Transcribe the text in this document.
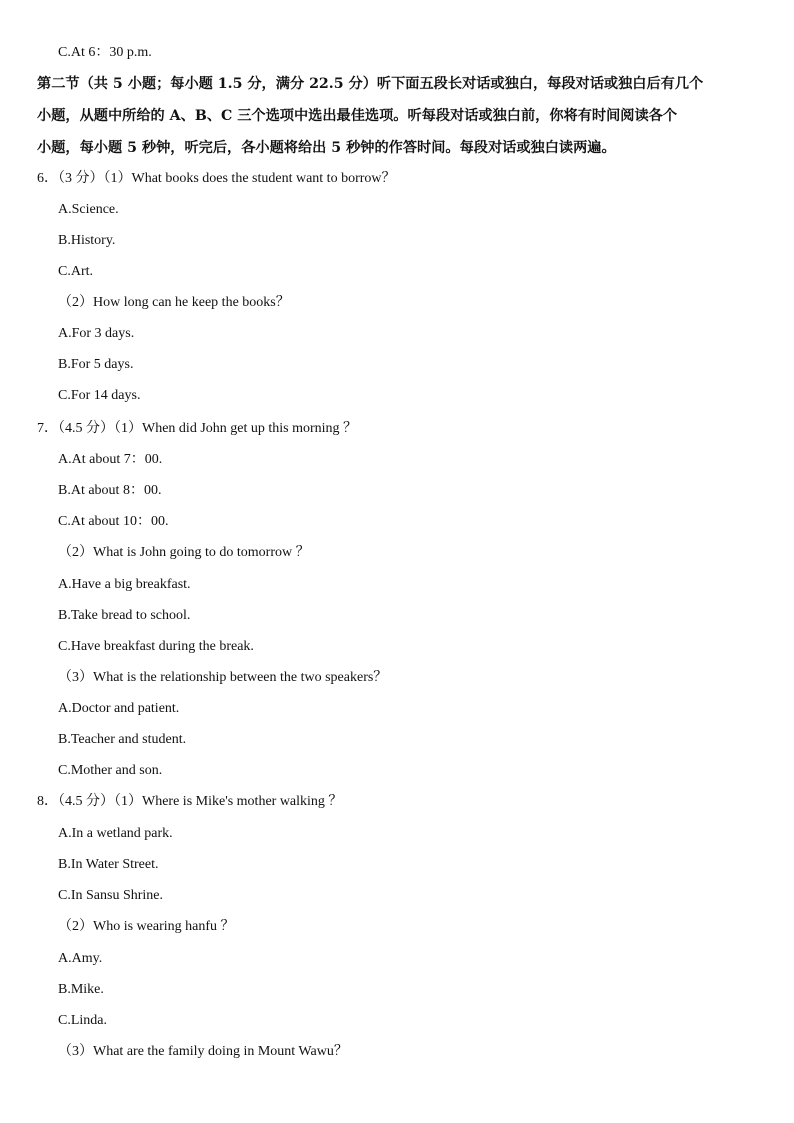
C.At 6：30 p.m.
第二节（共 5 小题；每小题 1.5 分，满分 22.5 分）听下面五段长对话或独白，每段对话或独白后有几个
小题，从题中所给的 A、B、C 三个选项中选出最佳选项。听每段对话或独白前，你将有时间阅读各个
小题，每小题 5 秒钟，听完后，各小题将给出 5 秒钟的作答时间。每段对话或独白读两遍。
6．（3 分）（1）What books does the student want to borrow？
A.Science.
B.History.
C.Art.
（2）How long can he keep the books？
A.For 3 days.
B.For 5 days.
C.For 14 days.
7．（4.5 分）（1）When did John get up this morning ？
A.At about 7：00.
B.At about 8：00.
C.At about 10：00.
（2）What is John going to do tomorrow ？
A.Have a big breakfast.
B.Take bread to school.
C.Have breakfast during the break.
（3）What is the relationship between the two speakers？
A.Doctor and patient.
B.Teacher and student.
C.Mother and son.
8．（4.5 分）（1）Where is Mike's mother walking ？
A.In a wetland park.
B.In Water Street.
C.In Sansu Shrine.
（2）Who is wearing hanfu ？
A.Amy.
B.Mike.
C.Linda.
（3）What are the family doing in Mount Wawu？
